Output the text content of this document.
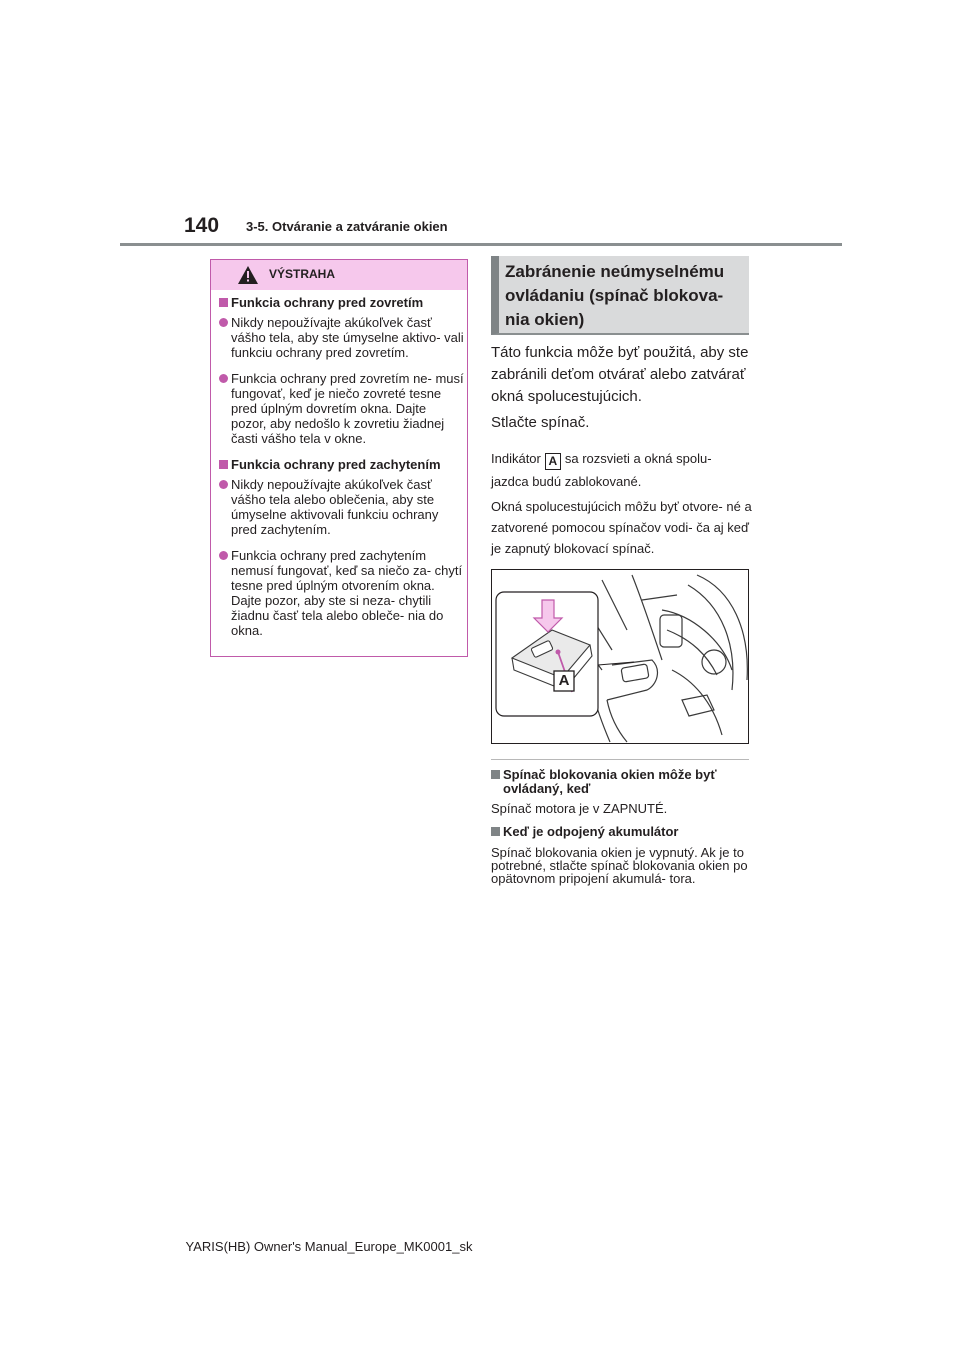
140 3-5. Otváranie a zatváranie okien
VÝSTRAHA
Funkcia ochrany pred zovretím
Nikdy nepoužívajte akúkoľvek časť vášho tela, aby ste úmyselne aktivo- vali funkciu ochrany pred zovretím.
Funkcia ochrany pred zovretím ne- musí fungovať, keď je niečo zovreté tesne pred úplným dovretím okna. Dajte pozor, aby nedošlo k zovretiu žiadnej časti vášho tela v okne.
Funkcia ochrany pred zachytením
Nikdy nepoužívajte akúkoľvek časť vášho tela alebo oblečenia, aby ste úmyselne aktivovali funkciu ochrany pred zachytením.
Funkcia ochrany pred zachytením nemusí fungovať, keď sa niečo za- chytí tesne pred úplným otvorením okna. Dajte pozor, aby ste si neza- chytili žiadnu časť tela alebo obleče- nia do okna.
Zabránenie neúmyselnému ovládaniu (spínač blokova- nia okien)
Táto funkcia môže byť použitá, aby ste zabránili deťom otvárať alebo zatvárať okná spolucestujúcich.
Stlačte spínač.
Indikátor A sa rozsvieti a okná spolu-
jazdca budú zablokované.
Okná spolucestujúcich môžu byť otvore- né a zatvorené pomocou spínačov vodi- ča aj keď je zapnutý blokovací spínač.
A
Spínač blokovania okien môže byť ovládaný, keď
Spínač motora je v ZAPNUTÉ.
Keď je odpojený akumulátor
Spínač blokovania okien je vypnutý. Ak je to potrebné, stlačte spínač blokovania okien po opätovnom pripojení akumulá- tora.
YARIS(HB) Owner's Manual_Europe_MK0001_sk
